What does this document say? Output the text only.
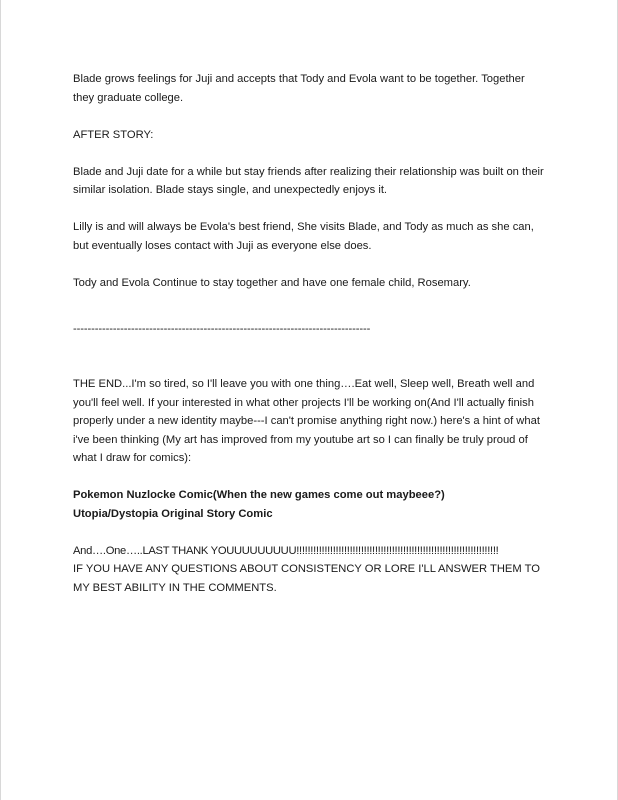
Blade grows feelings for Juji and accepts that Tody and Evola want to be together. Together they graduate college.

AFTER STORY:

Blade and Juji date for a while but stay friends after realizing their relationship was built on their similar isolation. Blade stays single, and unexpectedly enjoys it.

Lilly is and will always be Evola's best friend, She visits Blade, and Tody as much as she can, but eventually loses contact with Juji as everyone else does.

Tody and Evola Continue to stay together and have one female child, Rosemary.

----------------------------------------------------------------------------------

THE END...I'm so tired, so I'll leave you with one thing….Eat well, Sleep well, Breath well and you'll feel well. If your interested in what other projects I'll be working on(And I'll actually finish properly under a new identity maybe---I can't promise anything right now.) here's a hint of what i've been thinking (My art has improved from my youtube art so I can finally be truly proud of what I draw for comics):

Pokemon Nuzlocke Comic(When the new games come out maybeee?)

Utopia/Dystopia Original Story Comic

And….One…..LAST THANK YOUUUUUUUUU!!!!!!!!!!!!!!!!!!!!!!!!!!!!!!!!!!!!!!!!!!!!!!!!!!!!!!!!!!!!!!!!!!!!!!!!

IF YOU HAVE ANY QUESTIONS ABOUT CONSISTENCY OR LORE I'LL ANSWER THEM TO MY BEST ABILITY IN THE COMMENTS.
